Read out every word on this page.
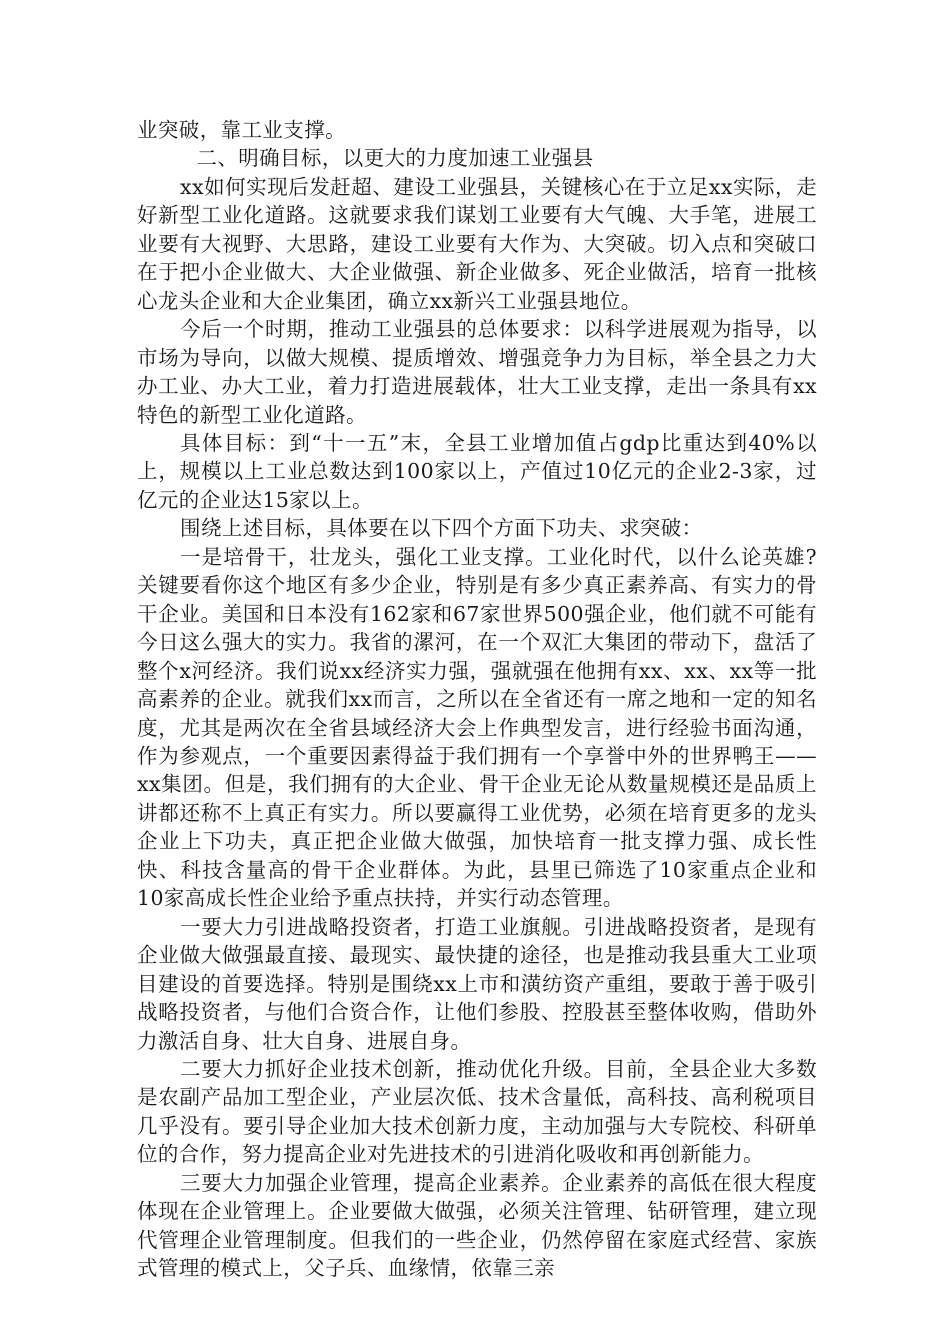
业突破，靠工业支撑。

二、明确目标，以更大的力度加速工业强县

xx如何实现后发赶超、建设工业强县，关键核心在于立足xx实际，走好新型工业化道路。这就要求我们谋划工业要有大气魄、大手笔，进展工业要有大视野、大思路，建设工业要有大作为、大突破。切入点和突破口在于把小企业做大、大企业做强、新企业做多、死企业做活，培育一批核心龙头企业和大企业集团，确立xx新兴工业强县地位。

今后一个时期，推动工业强县的总体要求：以科学进展观为指导，以市场为导向，以做大规模、提质增效、增强竞争力为目标，举全县之力大办工业、办大工业，着力打造进展载体，壮大工业支撑，走出一条具有xx特色的新型工业化道路。

具体目标：到“十一五”末，全县工业增加值占gdp比重达到40%以上，规模以上工业总数达到100家以上，产值过10亿元的企业2-3家，过亿元的企业达15家以上。

围绕上述目标，具体要在以下四个方面下功夫、求突破：

一是培骨干，壮龙头，强化工业支撑。工业化时代，以什么论英雄?关键要看你这个地区有多少企业，特别是有多少真正素养高、有实力的骨干企业。美国和日本没有162家和67家世界500强企业，他们就不可能有今日这么强大的实力。我省的漯河，在一个双汇大集团的带动下，盘活了整个x河经济。我们说xx经济实力强，强就强在他拥有xx、xx、xx等一批高素养的企业。就我们xx而言，之所以在全省还有一席之地和一定的知名度，尤其是两次在全省县域经济大会上作典型发言，进行经验书面沟通，作为参观点，一个重要因素得益于我们拥有一个享誉中外的世界鸭王——xx集团。但是，我们拥有的大企业、骨干企业无论从数量规模还是品质上讲都还称不上真正有实力。所以要赢得工业优势，必须在培育更多的龙头企业上下功夫，真正把企业做大做强，加快培育一批支撑力强、成长性快、科技含量高的骨干企业群体。为此，县里已筛选了10家重点企业和10家高成长性企业给予重点扶持，并实行动态管理。

一要大力引进战略投资者，打造工业旗舰。引进战略投资者，是现有企业做大做强最直接、最现实、最快捷的途径，也是推动我县重大工业项目建设的首要选择。特别是围绕xx上市和潢纺资产重组，要敢于善于吸引战略投资者，与他们合资合作，让他们参股、控股甚至整体收购，借助外力激活自身、壮大自身、进展自身。

二要大力抓好企业技术创新，推动优化升级。目前，全县企业大多数是农副产品加工型企业，产业层次低、技术含量低，高科技、高利税项目几乎没有。要引导企业加大技术创新力度，主动加强与大专院校、科研单位的合作，努力提高企业对先进技术的引进消化吸收和再创新能力。

三要大力加强企业管理，提高企业素养。企业素养的高低在很大程度体现在企业管理上。企业要做大做强，必须关注管理、钻研管理，建立现代管理企业管理制度。但我们的一些企业，仍然停留在家庭式经营、家族式管理的模式上，父子兵、血缘情，依靠三亲
